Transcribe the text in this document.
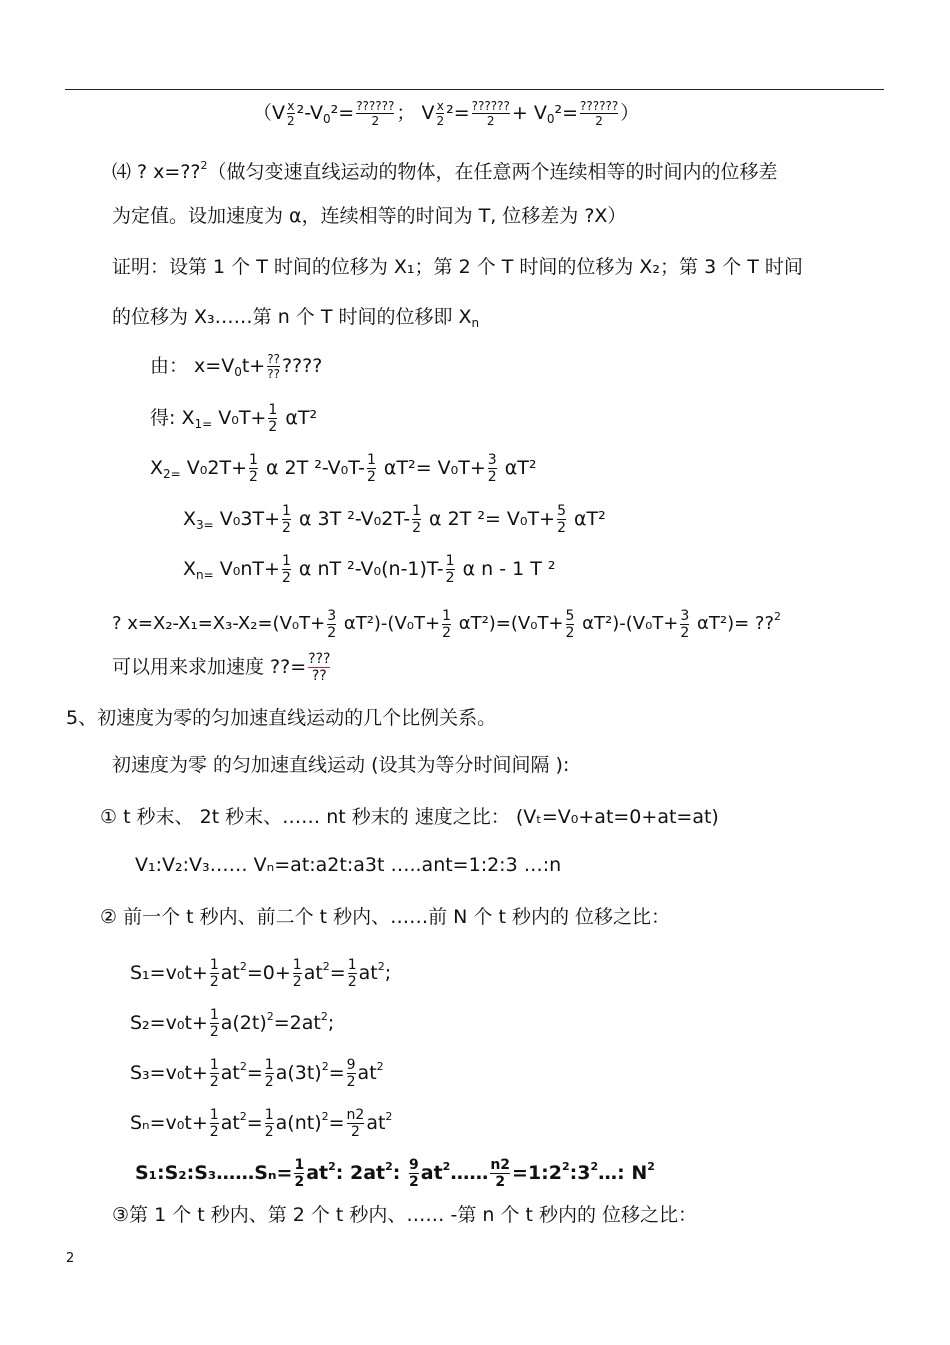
（$V \frac{x}{2} ^2-V_0^2= \frac{??????}{2}$ ； V $\frac{x}{2} ^2= \frac{??????}{2} + V_0^2= \frac{??????}{2}$ ）
⑷ ? x=??$^2$（做匀变速直线运动的物体，在任意两个连续相等的时间内的位移差
为定值。设加速度为 α，连续相等的时间为 T, 位移差为 ?X）
证明：设第 1 个 T 时间的位移为 X₁；第 2 个 T 时间的位移为 X₂；第 3 个 T 时间
的位移为 X₃……第 n 个 T 时间的位移即 $X_n$
由： $x=V_0t+ \frac{??}{??}$ ????
得: $X_{1=}$ $V_0T+ \frac{1}{2} \alpha T^2$
$X_{2=}$ $V_02T+ \frac{1}{2}$ α 2T $^2-V_0T- \frac{1}{2} \alpha T^2= V_0T+ \frac{3}{2} \alpha T^2$
$X_{3=}$ $V_03T+ \frac{1}{2}$ α 3T $^2-V_02T- \frac{1}{2}$ α 2T $^2= V_0T+ \frac{5}{2} \alpha T^2$
$X_{n=}$ $V_0nT+ \frac{1}{2}$ α nT $^2-V_0(n-1)T- \frac{1}{2}$ α n - 1 T ²
? $x=X_2-X_1=X_3-X_2=(V_0T+ \frac{3}{2} \alpha T^2)-(V_0T+ \frac{1}{2} \alpha T^2)=(V_0T+ \frac{5}{2} \alpha T^2)-(V_0T+ \frac{3}{2} \alpha T^2)=$ ??$^2$
可以用来求加速度 ??= $\frac{???}{??}$
5、初速度为零的匀加速直线运动的几个比例关系。
初速度为零 的匀加速直线运动 (设其为等分时间间隔 ):
① t 秒末、 2t 秒末、…… nt 秒末的 速度之比： (Vₜ=V₀+at=0+at=at)
V₁:V₂:V₃…… Vₙ=at:a2t:a3t …..ant=1:2:3 …:n
② 前一个 t 秒内、前二个 t 秒内、……前 N 个 t 秒内的 位移之比：
$S_1=v_0t+ \frac{1}{2} at^2=0+ \frac{1}{2} at^2= \frac{1}{2} at^2$;
$S_2=v_0t+ \frac{1}{2} a(2t)^2=2at^2$;
$S_3=v_0t+ \frac{1}{2} at^2= \frac{1}{2} a(3t)^2= \frac{9}{2} at^2$
$S_n=v_0t+ \frac{1}{2} at^2= \frac{1}{2} a(nt)^2= \frac{n2}{2} at^2$
S₁:S₂:S₃……Sₙ= $\frac{1}{2} at^2$: $2at^2$: $\frac{9}{2}$ $at^2\dots\dots \frac{n2}{2}$ $=1:2^2:3^2\dots$: $N^2$
③第 1 个 t 秒内、第 2 个 t 秒内、…… -第 n 个 t 秒内的 位移之比：
2
